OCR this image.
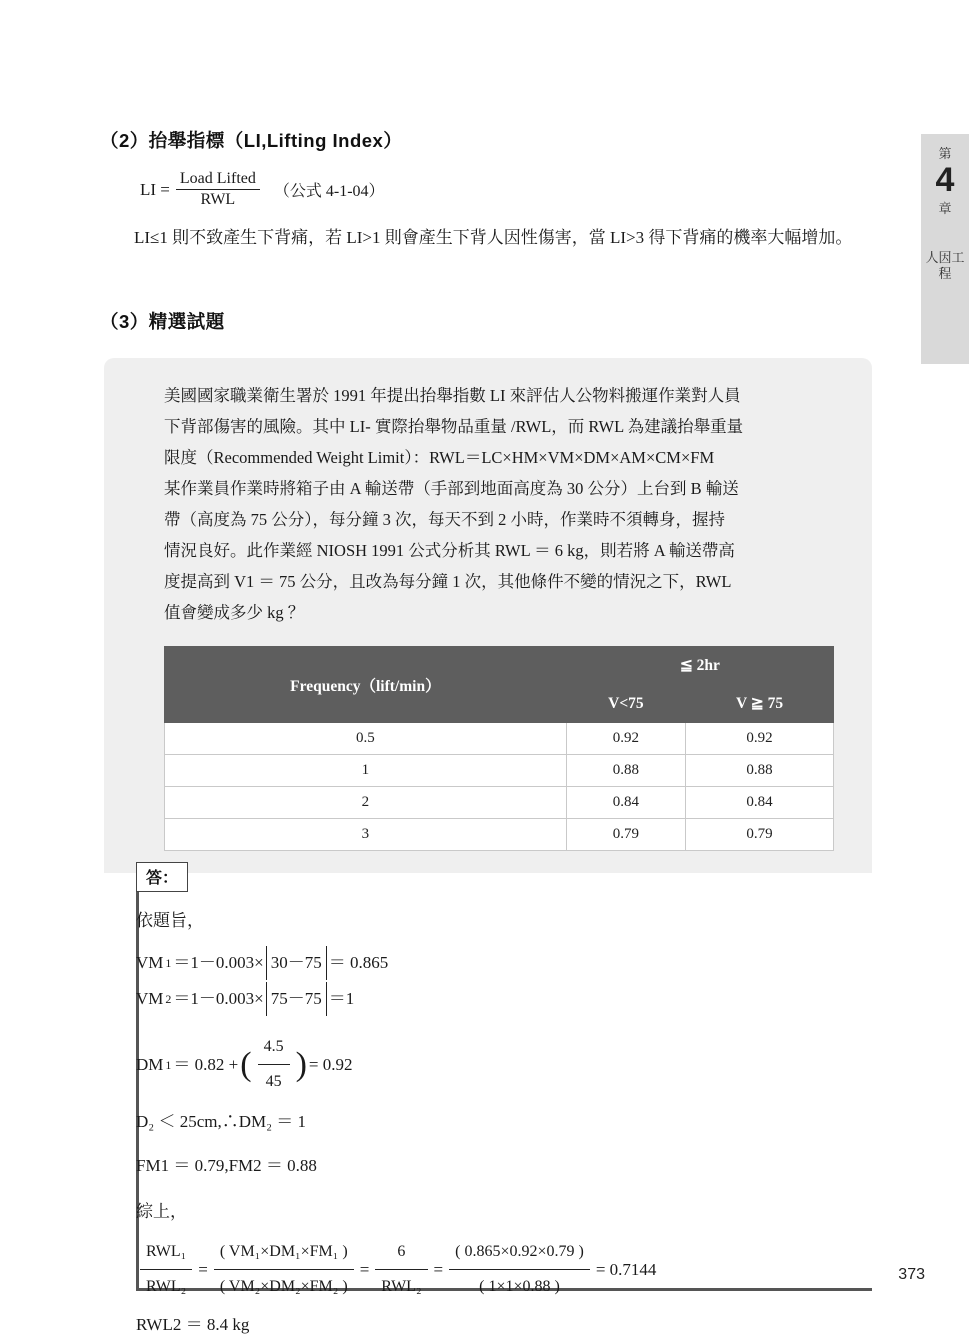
第
4
章
人因工程
（2）抬舉指標（LI,Lifting Index）
LI = $\frac{\text{Load Lifted}}{\text{RWL}}$ （公式 4-1-04）
LI≤1 則不致產生下背痛，若 LI>1 則會產生下背人因性傷害，當 LI>3 得下背痛的機率大幅增加。
（3）精選試題
美國國家職業衛生署於 1991 年提出抬舉指數 LI 來評估人公物料搬運作業對人員
下背部傷害的風險。其中 LI- 實際抬舉物品重量 /RWL，而 RWL 為建議抬舉重量
限度（Recommended Weight Limit）：RWL＝LC×HM×VM×DM×AM×CM×FM
某作業員作業時將箱子由 A 輸送帶（手部到地面高度為 30 公分）上台到 B 輸送
帶（高度為 75 公分），每分鐘 3 次，每天不到 2 小時，作業時不須轉身，握持
情況良好。此作業經 NIOSH 1991 公式分析其 RWL ＝ 6 kg，則若將 A 輸送帶高
度提高到 V1 ＝ 75 公分，且改為每分鐘 1 次，其他條件不變的情況之下，RWL
值會變成多少 kg ？
Frequency（lift/min）	≦ 2hr	
	V<75	V ≧ 75
0.5	0.92	0.92
1	0.88	0.88
2	0.84	0.84
3	0.79	0.79
答：
依題旨，
VM 1 ＝1－0.003× 30－75 ＝ 0.865
VM 2 ＝1－0.003× 75－75 ＝1
DM 1 ＝ 0.82 + ( $\frac{4.5}{45}$ ) = 0.92
D₂ ＜ 25cm,∴DM₂ ＝ 1
FM1 ＝ 0.79,FM2 ＝ 0.88
綜上，
$\frac{\text{RWL₁}}{\text{RWL₂}} = \frac{\text{( VM₁×DM₁×FM₁ )}}{\text{( VM₂×DM₂×FM₂ )}} = \frac{6}{\text{RWL₂}} = \frac{( 0.865\times 0.92\times 0.79 )}{( 1\times 1\times 0.88 )} = 0.7144$
RWL2 ＝ 8.4 kg
373
